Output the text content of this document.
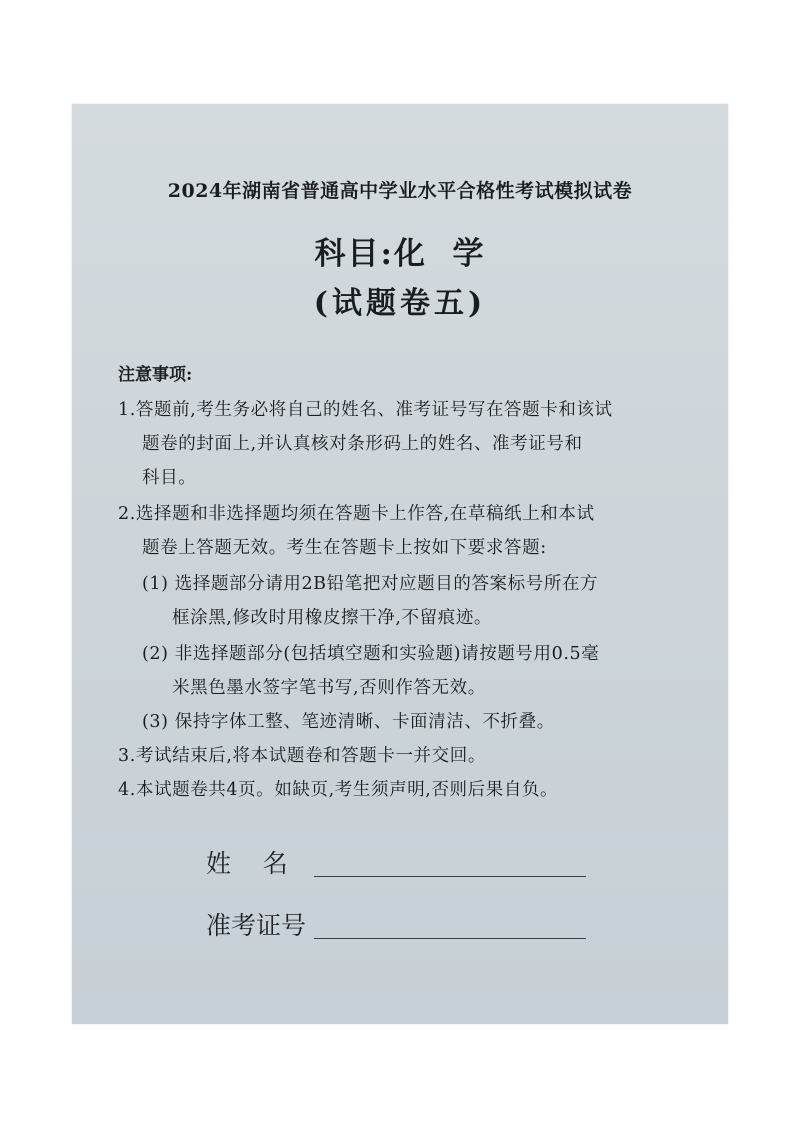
2024年湖南省普通高中学业水平合格性考试模拟试卷
科目:化  学
(试题卷五)
注意事项:
1.答题前,考生务必将自己的姓名、准考证号写在答题卡和该试
题卷的封面上,并认真核对条形码上的姓名、准考证号和
科目。
2.选择题和非选择题均须在答题卡上作答,在草稿纸上和本试
题卷上答题无效。考生在答题卡上按如下要求答题:
(1) 选择题部分请用2B铅笔把对应题目的答案标号所在方
框涂黑,修改时用橡皮擦干净,不留痕迹。
(2) 非选择题部分(包括填空题和实验题)请按题号用0.5毫
米黑色墨水签字笔书写,否则作答无效。
(3) 保持字体工整、笔迹清晰、卡面清洁、不折叠。
3.考试结束后,将本试题卷和答题卡一并交回。
4.本试题卷共4页。如缺页,考生须声明,否则后果自负。
姓    名
准考证号
